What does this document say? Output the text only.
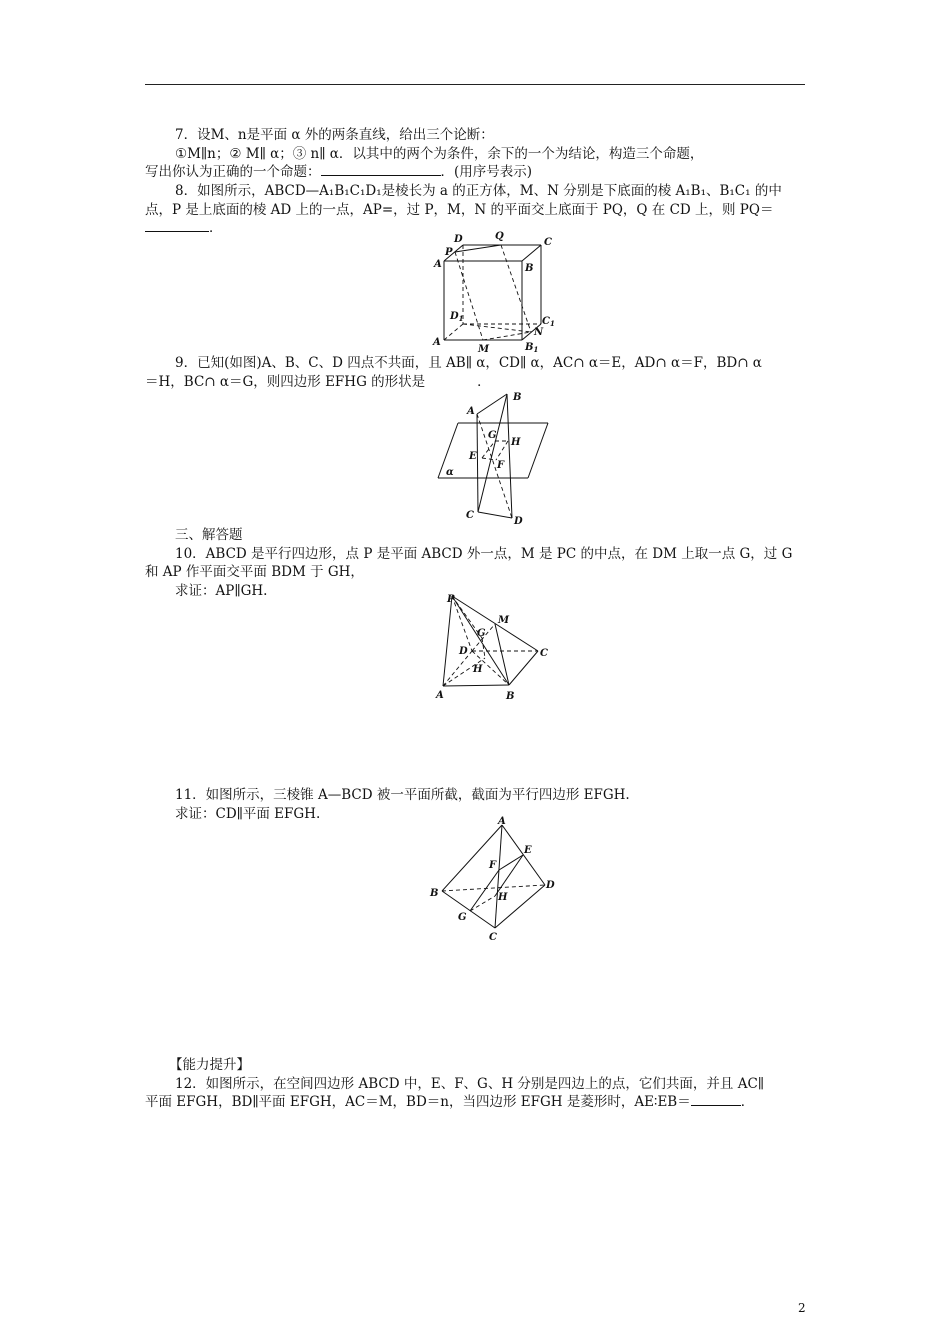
7．设M、n是平面 α 外的两条直线，给出三个论断：

①M∥n；② M∥ α；③ n∥ α．以其中的两个为条件，余下的一个为结论，构造三个命题，

写出你认为正确的一个命题：	．(用序号表示)

8．如图所示，ABCD—A₁B₁C₁D₁是棱长为 a 的正方体，M、N 分别是下底面的棱 A₁B₁、B₁C₁ 的中

点，P 是上底面的棱 AD 上的一点，AP=，过 P，M，N 的平面交上底面于 PQ，Q 在 CD 上，则 PQ＝

．

D	Q
C
P
A	B
$D_1$	$C_1$
N
A
M	$B_1$

9．已知(如图)A、B、C、D 四点不共面，且 AB∥ α，CD∥ α，AC∩ α＝E，AD∩ α＝F，BD∩ α

＝H，BC∩ α＝G，则四边形 EFHG 的形状是	．

A
B
G
H
E
F
α
C
D

三、解答题

10．ABCD 是平行四边形，点 P 是平面 ABCD 外一点，M 是 PC 的中点，在 DM 上取一点 G，过 G

和 AP 作平面交平面 BDM 于 GH，

求证：AP∥GH.

P
M
G
D	C
H
A	B

11．如图所示，三棱锥 A—BCD 被一平面所截，截面为平行四边形 EFGH.

求证：CD∥平面 EFGH.	A
E
F
B
D
H
G
C

【能力提升】

12．如图所示，在空间四边形 ABCD 中，E、F、G、H 分别是四边上的点，它们共面，并且 AC∥

平面 EFGH，BD∥平面 EFGH，AC＝M，BD＝n，当四边形 EFGH 是菱形时，AE∶EB＝	．

2
